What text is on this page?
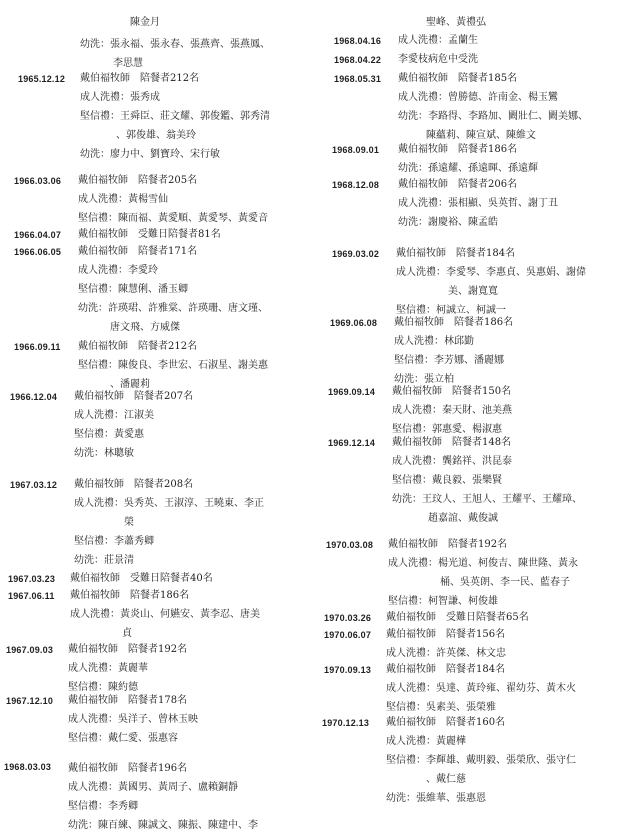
陳金月
幼洗：張永福、張永春、張燕齊、張燕鳳、
李思慧
1965.12.12 戴伯福牧師　陪餐者212名
成人洗禮：張秀成
堅信禮：王舜臣、莊文耀、郭俊鑑、郭秀清
、郭俊雄、翁美玲
幼洗：廖力中、劉寶玲、宋行敏
1966.03.06 戴伯福牧師　陪餐者205名
成人洗禮：黃楊雪仙
堅信禮：陳而福、黃愛順、黃愛琴、黃愛音
1966.04.07 戴伯福牧師　受難日陪餐者81名
1966.06.05 戴伯福牧師　陪餐者171名
成人洗禮：李愛玲
堅信禮：陳慧俐、潘玉卿
幼洗：許瑛珺、許雅棠、許瑛珊、唐文瑾、
唐文飛、方威傑
1966.09.11 戴伯福牧師　陪餐者212名
堅信禮：陳俊良、李世宏、石淑星、謝美惠
、潘麗莉
1966.12.04 戴伯福牧師　陪餐者207名
成人洗禮：江淑美
堅信禮：黃愛惠
幼洗：林聰敏
1967.03.12 戴伯福牧師　陪餐者208名
成人洗禮：吳秀英、王淑淳、王曉東、李正
榮
堅信禮：李蕭秀卿
幼洗：莊景清
1967.03.23 戴伯福牧師　受難日陪餐者40名
1967.06.11 戴伯福牧師　陪餐者186名
成人洗禮：黃炎山、何嬿安、黃李忍、唐美
貞
1967.09.03 戴伯福牧師　陪餐者192名
成人洗禮：黃麗華
堅信禮：陳約德
1967.12.10 戴伯福牧師　陪餐者178名
成人洗禮：吳洋子、曾林玉映
堅信禮：戴仁愛、張惠容
1968.03.03 戴伯福牧師　陪餐者196名
成人洗禮：黃國男、黃周子、盧賴銅靜
堅信禮：李秀卿
幼洗：陳百練、陳誠文、陳振、陳建中、李
聖峰、黃禮弘
1968.04.16 成人洗禮：孟蘭生
1968.04.22 李愛枝病危中受洗
1968.05.31 戴伯福牧師　陪餐者185名
成人洗禮：曾勝德、許南金、楊玉鸞
幼洗：李路得、李路加、闕壯仁、闕美娜、
陳蘊莉、陳宣斌、陳維文
1968.09.01 戴伯福牧師　陪餐者186名
幼洗：孫遠耀、孫遠暉、孫遠輝
1968.12.08 戴伯福牧師　陪餐者206名
成人洗禮：張相顯、吳英哲、謝丁丑
幼洗：謝慶裕、陳孟皓
1969.03.02 戴伯福牧師　陪餐者184名
成人洗禮：李愛琴、李惠貞、吳惠娟、謝偉
美、謝寬寬
堅信禮：柯誠立、柯誠一
1969.06.08 戴伯福牧師　陪餐者186名
成人洗禮：林邱勤
堅信禮：李芳娜、潘麗娜
幼洗：張立柏
1969.09.14 戴伯福牧師　陪餐者150名
成人洗禮：秦天財、池美燕
堅信禮：郭惠愛、楊淑惠
1969.12.14 戴伯福牧師　陪餐者148名
成人洗禮：龔銘祥、洪昆泰
堅信禮：戴良毅、張樂賢
幼洗：王玟人、王旭人、王耀平、王耀璋、
趙嘉誼、戴俊誠
1970.03.08 戴伯福牧師　陪餐者192名
成人洗禮：楊光道、柯俊吉、陳世隆、黃永
桶、吳英朗、李一民、藍春子
堅信禮：柯智謙、柯俊雄
1970.03.26 戴伯福牧師　受難日陪餐者65名
1970.06.07 戴伯福牧師　陪餐者156名
成人洗禮：許英傑、林文忠
1970.09.13 戴伯福牧師　陪餐者184名
成人洗禮：吳達、黃玲雍、翟幼芬、黃木火
堅信禮：吳素美、張榮雅
1970.12.13 戴伯福牧師　陪餐者160名
成人洗禮：黃麗樺
堅信禮：李輝雄、戴明毅、張榮欣、張守仁
、戴仁慈
幼洗：張維華、張惠恩
